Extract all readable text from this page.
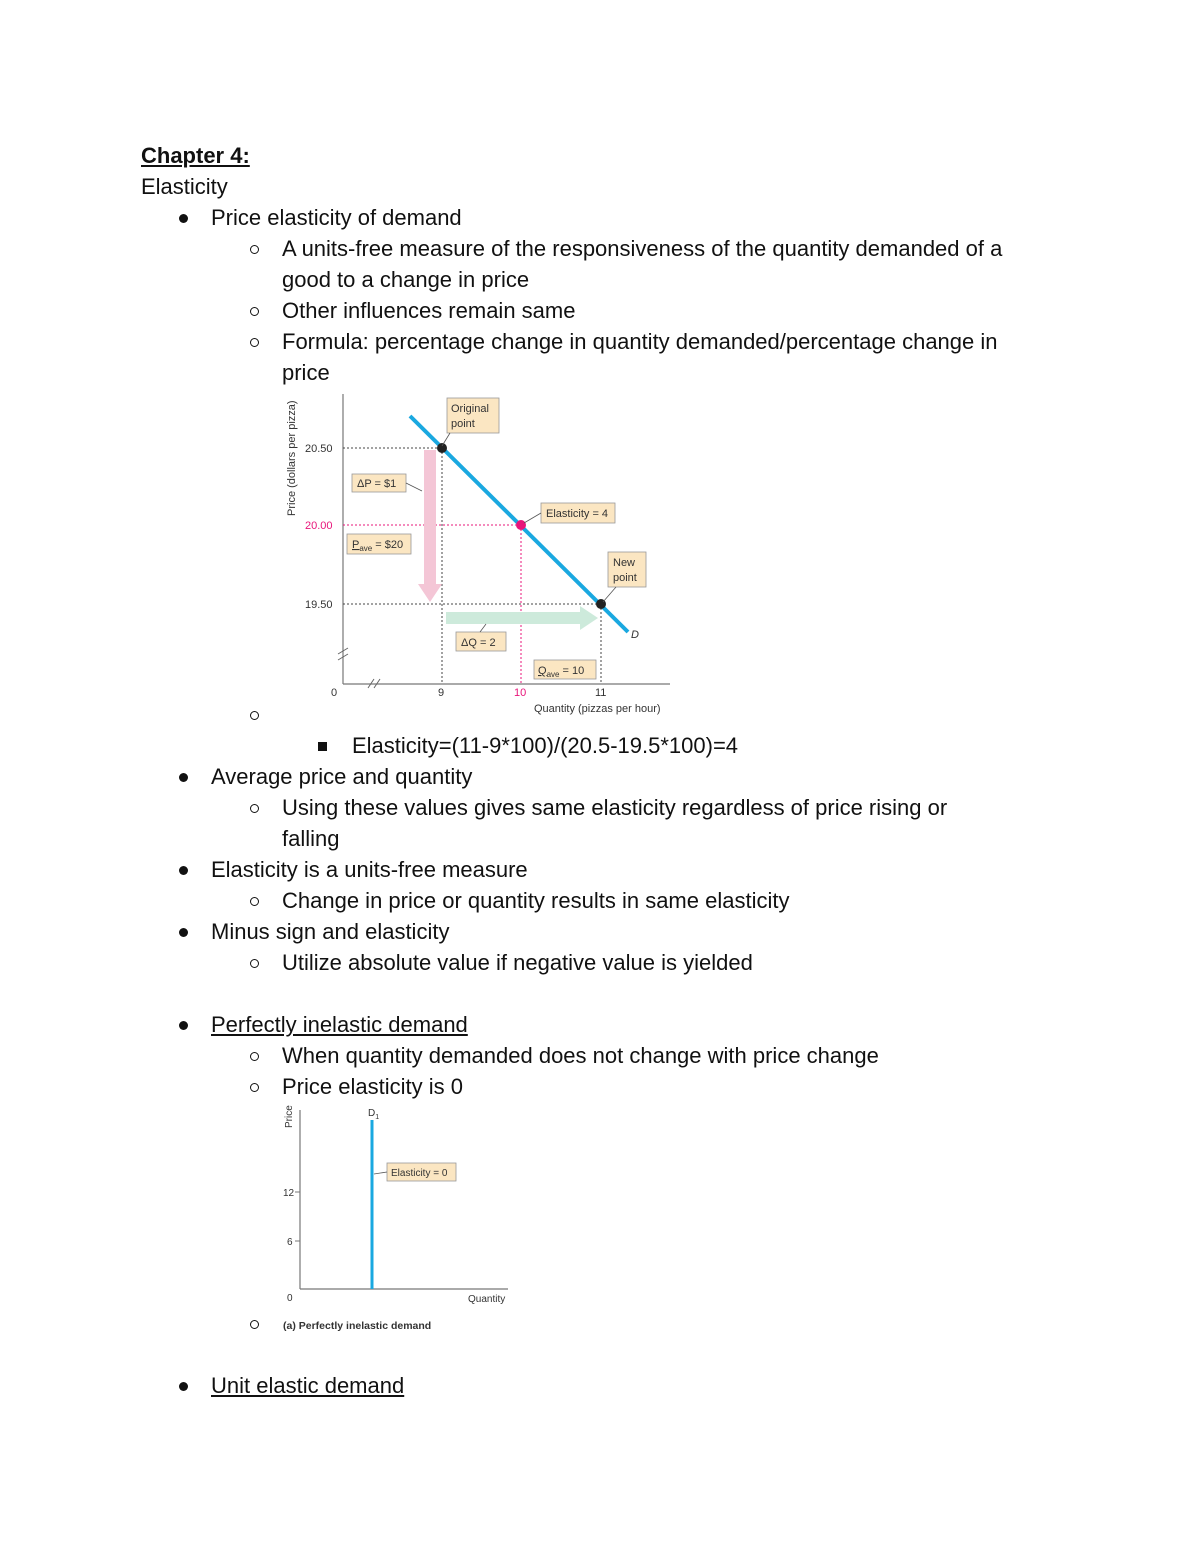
Chapter 4:
Elasticity
Price elasticity of demand
A units-free measure of the responsiveness of the quantity demanded of a
good to a change in price
Other influences remain same
Formula: percentage change in quantity demanded/percentage change in
price
20.50
20.00
19.50
0	9	10	11
Quantity (pizzas per hour)
Price (dollars per pizza)	Original
point
ΔP = $1
$P_{ave}$ = $20
Elasticity = 4
New
point
ΔQ = 2
$Q_{ave} = 10$
D
Elasticity=(11-9*100)/(20.5-19.5*100)=4
Average price and quantity
Using these values gives same elasticity regardless of price rising or
falling
Elasticity is a units-free measure
Change in price or quantity results in same elasticity
Minus sign and elasticity
Utilize absolute value if negative value is yielded
Perfectly inelastic demand
When quantity demanded does not change with price change
Price elasticity is 0
12
6
0
Price
Quantity
$D_1$
Elasticity = 0
(a) Perfectly inelastic demand
Unit elastic demand
